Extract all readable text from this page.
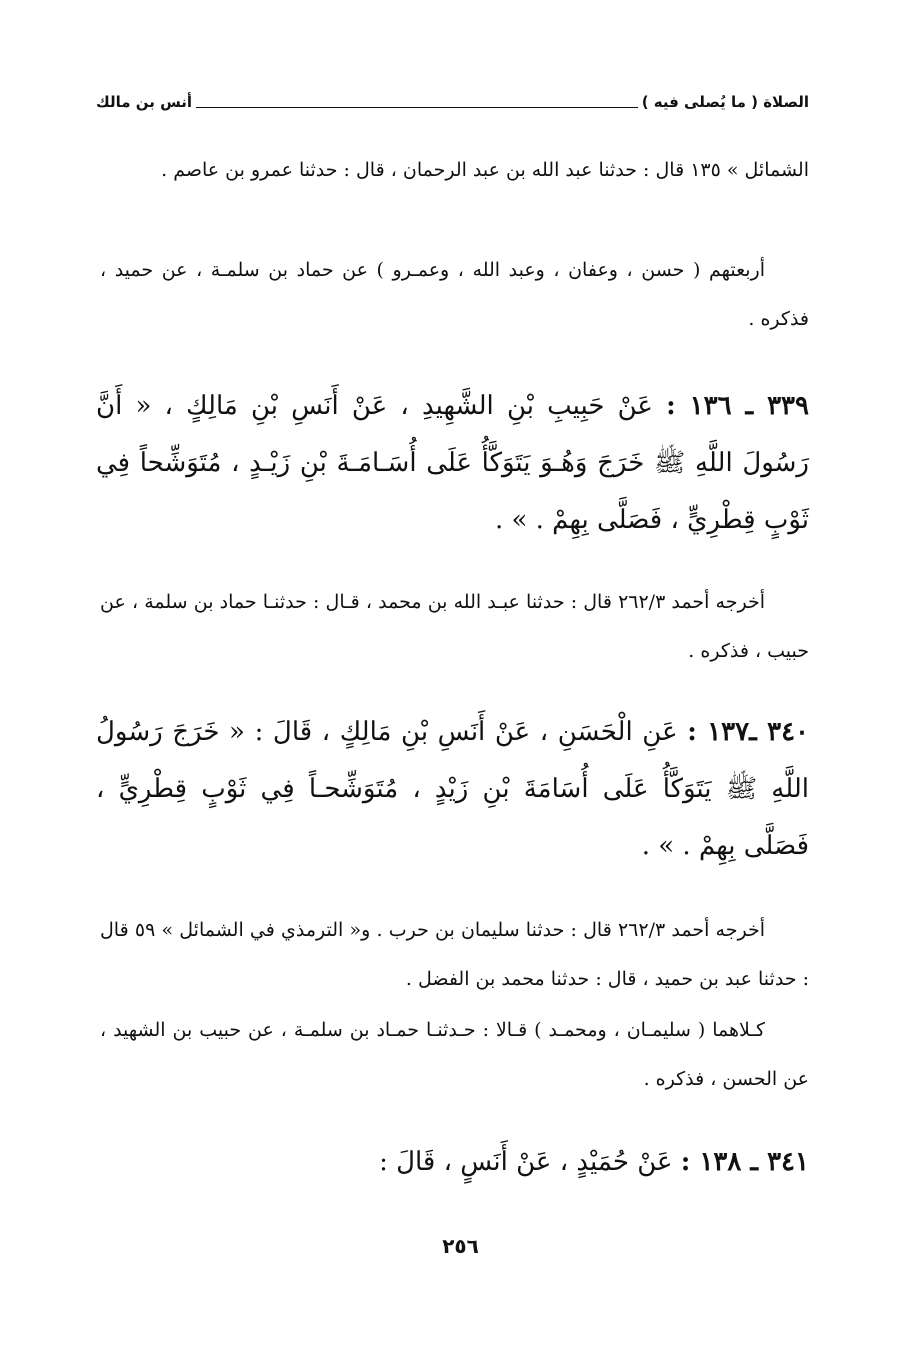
الصلاة ( ما يُصلى فيه )
أنس بن مالك
الشمائل » ١٣٥ قال : حدثنا عبد الله بن عبد الرحمان ، قال : حدثنا عمرو بن عاصم .
أربعتهم ( حسن ، وعفان ، وعبد الله ، وعمـرو ) عن حماد بن سلمـة ، عن حميد ، فذكره .
٣٣٩ ـ ١٣٦ : عَنْ حَبِيبِ بْنِ الشَّهِيدِ ، عَنْ أَنَسِ بْنِ مَالِكٍ ، « أَنَّ رَسُولَ اللَّهِ ﷺ خَرَجَ وَهُـوَ يَتَوَكَّأُ عَلَى أُسَـامَـةَ بْنِ زَيْـدٍ ، مُتَوَشِّحاً فِي ثَوْبٍ قِطْرِيٍّ ، فَصَلَّى بِهِمْ . » .
أخرجه أحمد ٢٦٢/٣ قال : حدثنا عبـد الله بن محمد ، قـال : حدثنـا حماد بن سلمة ، عن حبيب ، فذكره .
٣٤٠ ـ١٣٧ : عَنِ الْحَسَنِ ، عَنْ أَنَسِ بْنِ مَالِكٍ ، قَالَ : « خَرَجَ رَسُولُ اللَّهِ ﷺ يَتَوَكَّأُ عَلَى أُسَامَةَ بْنِ زَيْدٍ ، مُتَوَشِّحـاً فِي ثَوْبٍ قِطْرِيٍّ ، فَصَلَّى بِهِمْ . » .
أخرجه أحمد ٢٦٢/٣ قال : حدثنا سليمان بن حرب . و« الترمذي في الشمائل » ٥٩ قال : حدثنا عبد بن حميد ، قال : حدثنا محمد بن الفضل .
كـلاهما ( سليمـان ، ومحمـد ) قـالا : حـدثنـا حمـاد بن سلمـة ، عن حبيب بن الشهيد ، عن الحسن ، فذكره .
٣٤١ ـ ١٣٨ : عَنْ حُمَيْدٍ ، عَنْ أَنَسٍ ، قَالَ :
٢٥٦
